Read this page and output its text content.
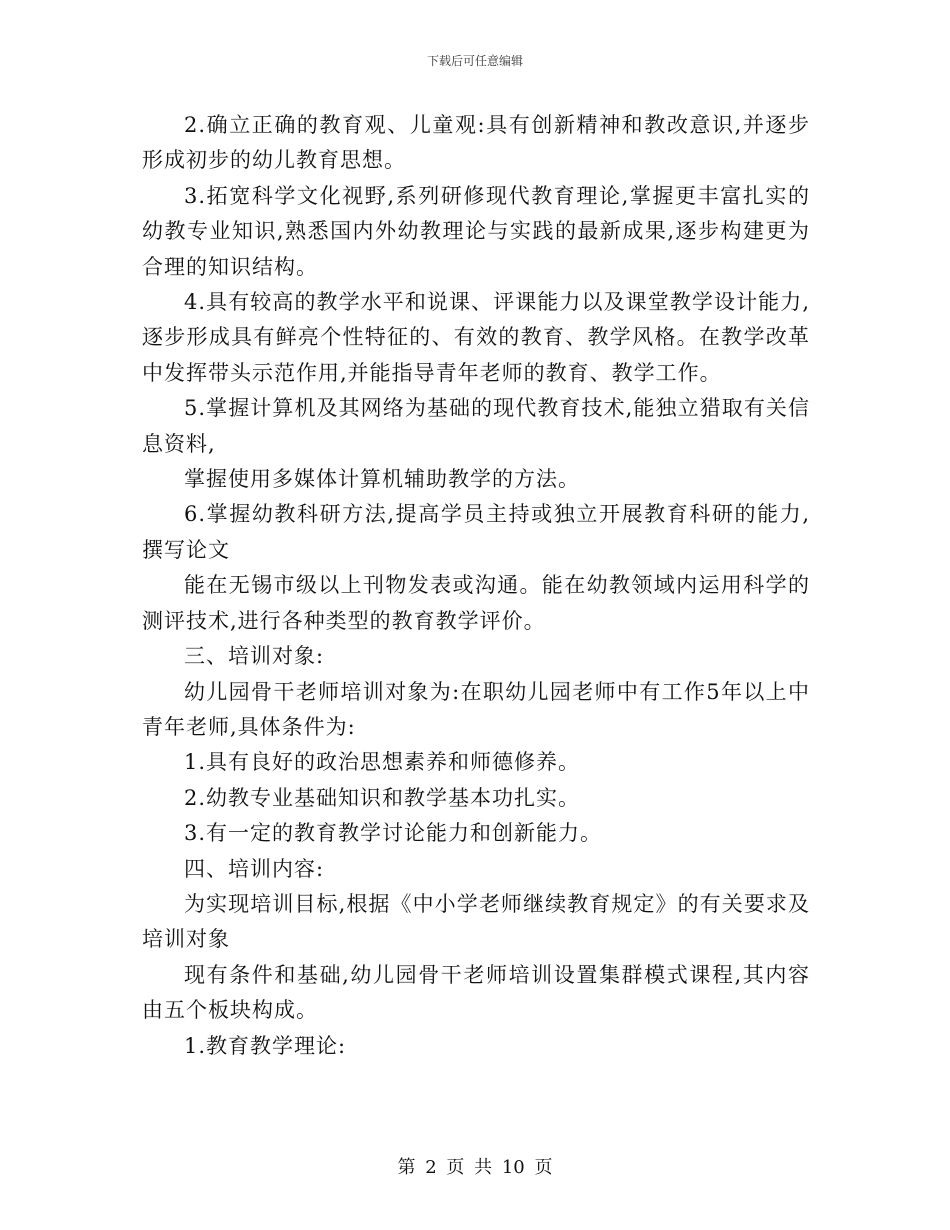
下载后可任意编辑

2.确立正确的教育观、儿童观:具有创新精神和教改意识,并逐步形成初步的幼儿教育思想。

3.拓宽科学文化视野,系列研修现代教育理论,掌握更丰富扎实的幼教专业知识,熟悉国内外幼教理论与实践的最新成果,逐步构建更为合理的知识结构。

4.具有较高的教学水平和说课、评课能力以及课堂教学设计能力,逐步形成具有鲜亮个性特征的、有效的教育、教学风格。在教学改革中发挥带头示范作用,并能指导青年老师的教育、教学工作。

5.掌握计算机及其网络为基础的现代教育技术,能独立猎取有关信息资料,

掌握使用多媒体计算机辅助教学的方法。

6.掌握幼教科研方法,提高学员主持或独立开展教育科研的能力,撰写论文

能在无锡市级以上刊物发表或沟通。能在幼教领域内运用科学的测评技术,进行各种类型的教育教学评价。

三、培训对象:

幼儿园骨干老师培训对象为:在职幼儿园老师中有工作5年以上中青年老师,具体条件为:

1.具有良好的政治思想素养和师德修养。

2.幼教专业基础知识和教学基本功扎实。

3.有一定的教育教学讨论能力和创新能力。

四、培训内容:

为实现培训目标,根据《中小学老师继续教育规定》的有关要求及培训对象

现有条件和基础,幼儿园骨干老师培训设置集群模式课程,其内容由五个板块构成。

1.教育教学理论:

第 2 页 共 10 页
